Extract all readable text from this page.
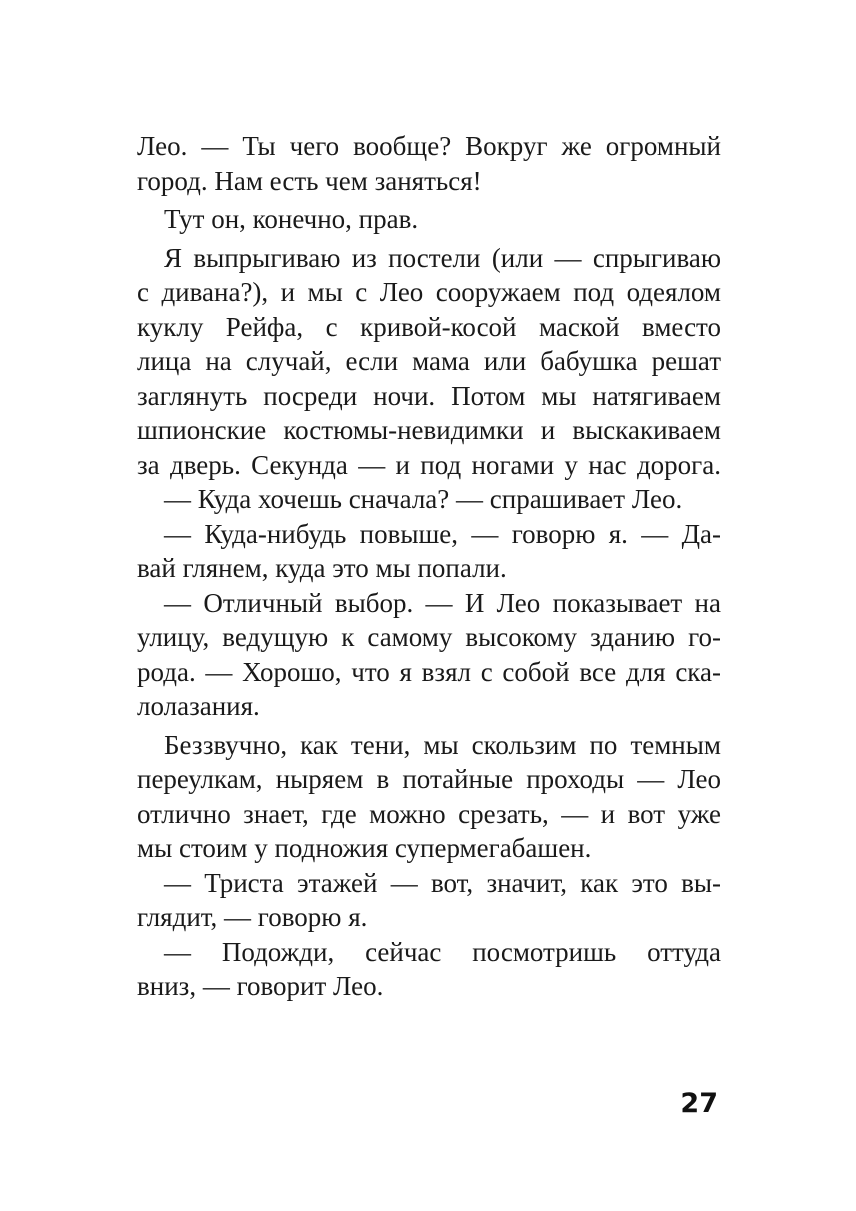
Лео. — Ты чего вообще? Вокруг же огромный
город. Нам есть чем заняться!
Тут он, конечно, прав.
Я выпрыгиваю из постели (или — спрыгиваю
с дивана?), и мы с Лео сооружаем под одеялом
куклу Рейфа, с кривой-косой маской вместо
лица на случай, если мама или бабушка решат
заглянуть посреди ночи. Потом мы натягиваем
шпионские костюмы-невидимки и выскакиваем
за дверь. Секунда — и под ногами у нас дорога.
— Куда хочешь сначала? — спрашивает Лео.
— Куда-нибудь повыше, — говорю я. — Да-
вай глянем, куда это мы попали.
— Отличный выбор. — И Лео показывает на
улицу, ведущую к самому высокому зданию го-
рода. — Хорошо, что я взял с собой все для ска-
лолазания.
Беззвучно, как тени, мы скользим по темным
переулкам, ныряем в потайные проходы — Лео
отлично знает, где можно срезать, — и вот уже
мы стоим у подножия супермегабашен.
— Триста этажей — вот, значит, как это вы-
глядит, — говорю я.
— Подожди, сейчас посмотришь оттуда
вниз, — говорит Лео.
27
